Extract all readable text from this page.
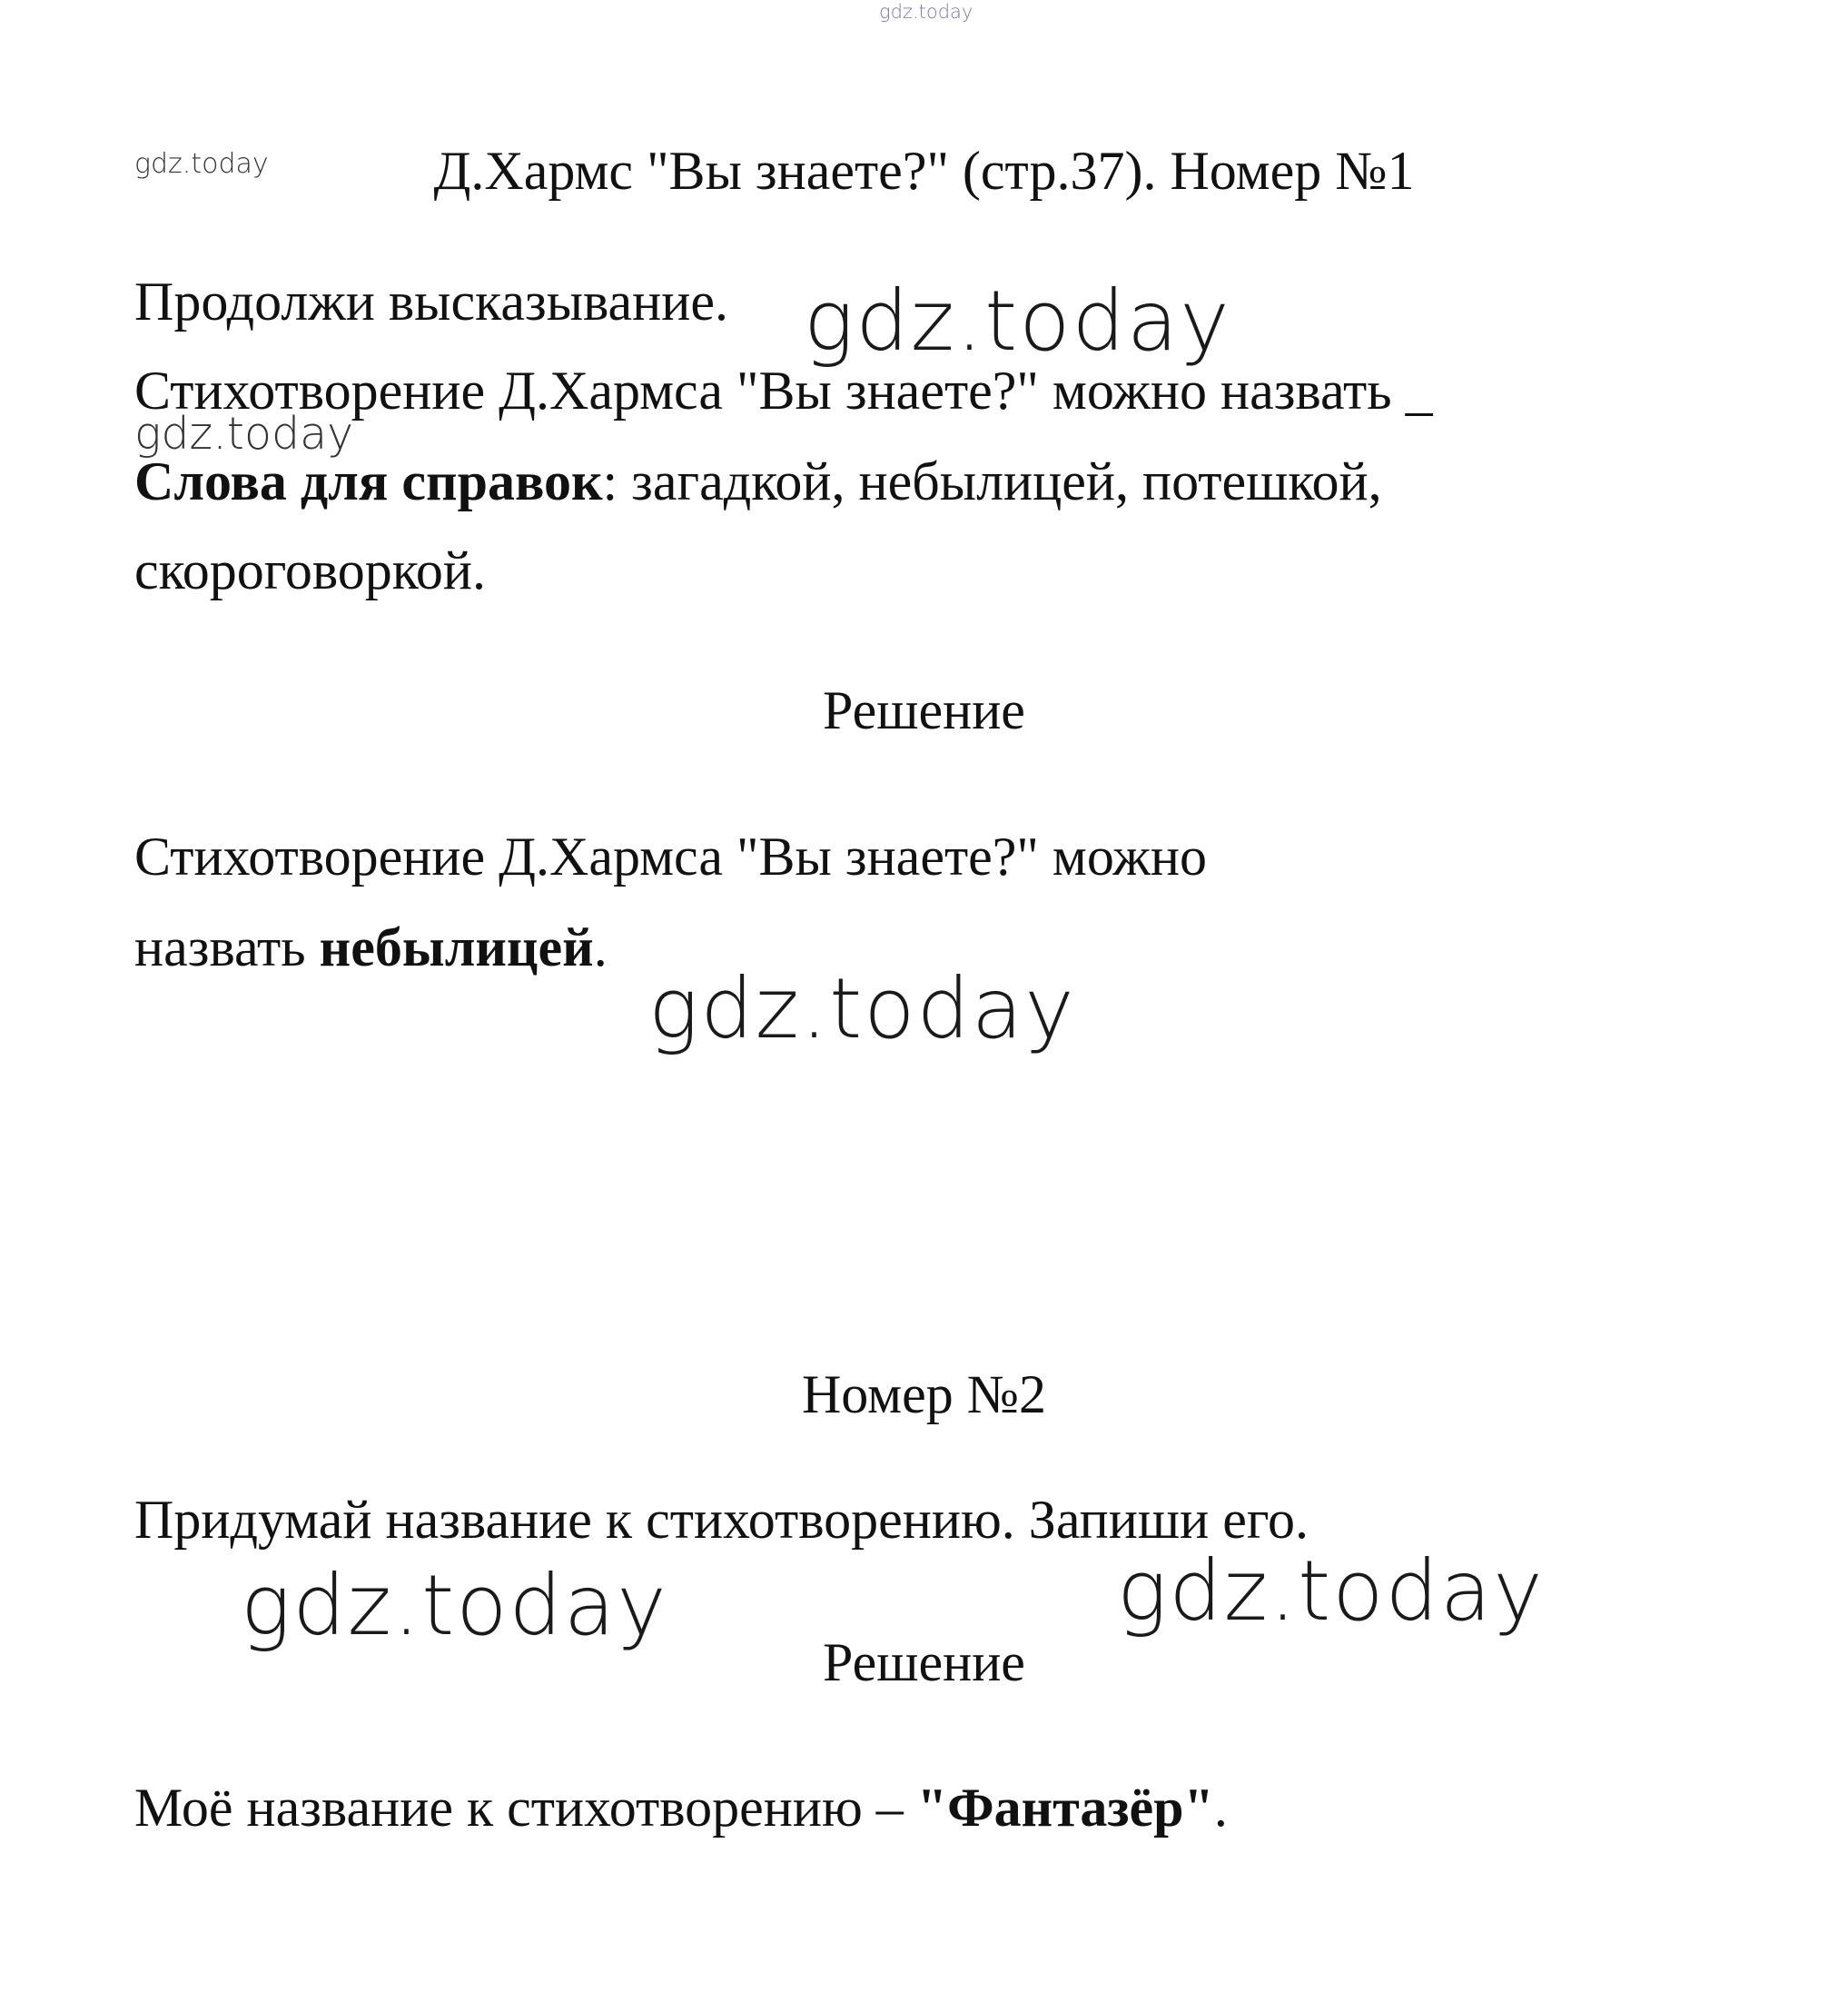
gdz.today
gdz.today
gdz.today
gdz.today
gdz.today
gdz.today	gdz.today
Д.Хармс "Вы знаете?" (стр.37). Номер №1
Продолжи высказывание.
Стихотворение Д.Хармса "Вы знаете?" можно назвать _
Слова для справок: загадкой, небылицей, потешкой,
скороговоркой.
Решение
Стихотворение Д.Хармса "Вы знаете?" можно
назвать небылицей.
Номер №2
Придумай название к стихотворению. Запиши его.
Решение
Моё название к стихотворению – "Фантазёр".
